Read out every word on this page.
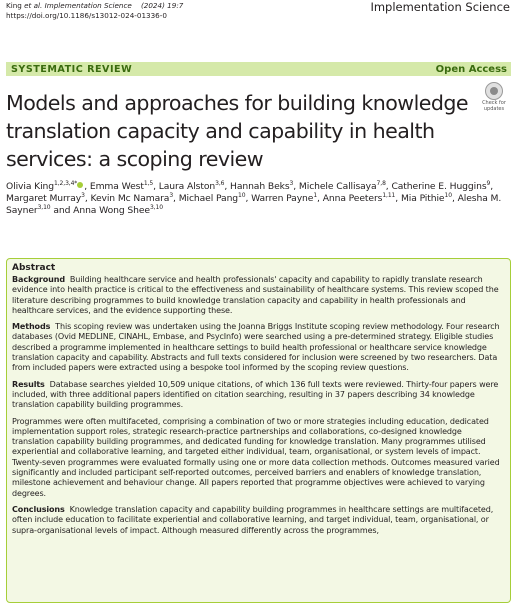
King et al. Implementation Science (2024) 19:7
https://doi.org/10.1186/s13012-024-01336-0
Implementation Science
SYSTEMATIC REVIEW	Open Access
Models and approaches for building knowledge translation capacity and capability in health services: a scoping review
Check for updates
Olivia King$^{1,2,3,4*}$ , Emma West$^{1,5}$, Laura Alston$^{3,6}$, Hannah Beks$^3$, Michele Callisaya$^{7,8}$, Catherine E. Huggins$^9$, Margaret Murray$^3$, Kevin Mc Namara$^3$, Michael Pang$^{10}$, Warren Payne$^1$, Anna Peeters$^{1,11}$, Mia Pithie$^{10}$, Alesha M. Sayner$^{3,10}$ and Anna Wong Shee$^{3,10}$
Abstract

Background Building healthcare service and health professionals' capacity and capability to rapidly translate research evidence into health practice is critical to the effectiveness and sustainability of healthcare systems. This review scoped the literature describing programmes to build knowledge translation capacity and capability in health professionals and healthcare services, and the evidence supporting these.

Methods This scoping review was undertaken using the Joanna Briggs Institute scoping review methodology. Four research databases (Ovid MEDLINE, CINAHL, Embase, and PsycInfo) were searched using a pre-determined strategy. Eligible studies described a programme implemented in healthcare settings to build health professional or healthcare service knowledge translation capacity and capability. Abstracts and full texts considered for inclusion were screened by two researchers. Data from included papers were extracted using a bespoke tool informed by the scoping review questions.

Results Database searches yielded 10,509 unique citations, of which 136 full texts were reviewed. Thirty-four papers were included, with three additional papers identified on citation searching, resulting in 37 papers describing 34 knowledge translation capability building programmes.

Programmes were often multifaceted, comprising a combination of two or more strategies including education, dedicated implementation support roles, strategic research-practice partnerships and collaborations, co-designed knowledge translation capability building programmes, and dedicated funding for knowledge translation. Many programmes utilised experiential and collaborative learning, and targeted either individual, team, organisational, or system levels of impact. Twenty-seven programmes were evaluated formally using one or more data collection methods. Outcomes measured varied significantly and included participant self-reported outcomes, perceived barriers and enablers of knowledge translation, milestone achievement and behaviour change. All papers reported that programme objectives were achieved to varying degrees.

Conclusions Knowledge translation capacity and capability building programmes in healthcare settings are multifaceted, often include education to facilitate experiential and collaborative learning, and target individual, team, organisational, or supra-organisational levels of impact. Although measured differently across the programmes,
